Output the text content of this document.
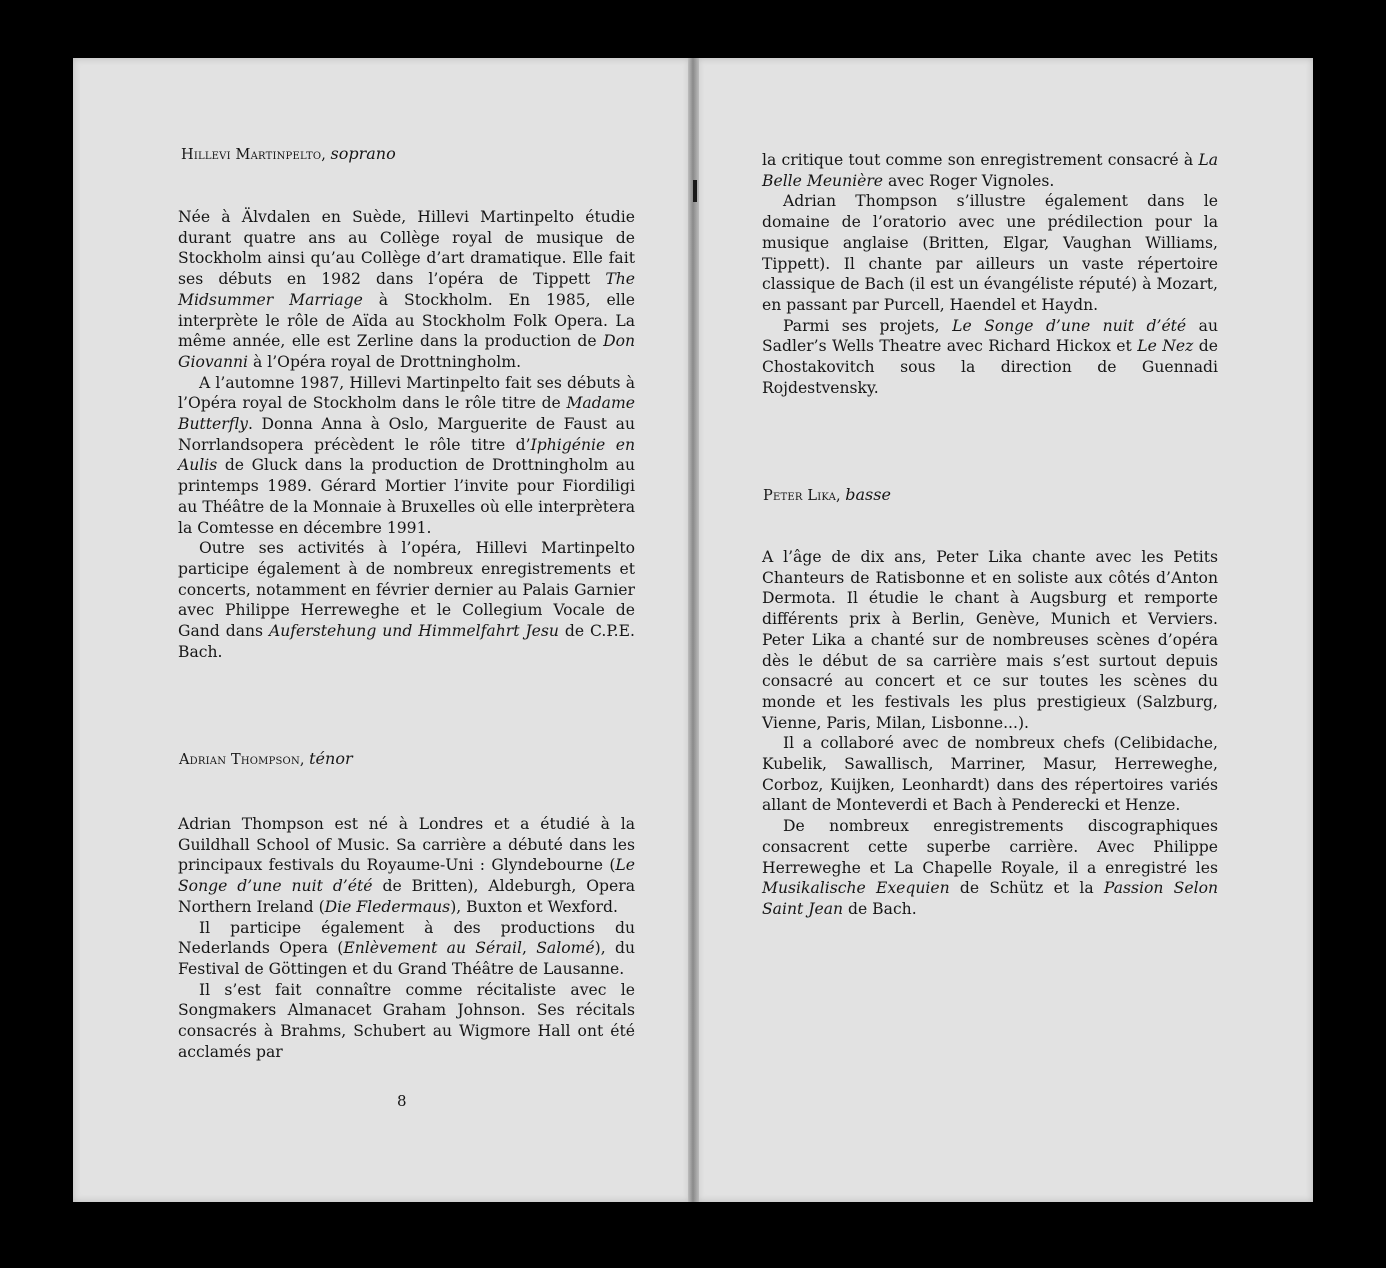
Hillevi Martinpelto, soprano

Née à Älvdalen en Suède, Hillevi Martinpelto étudie durant quatre ans au Collège royal de musique de Stockholm ainsi qu’au Collège d’art dramatique. Elle fait ses débuts en 1982 dans l’opéra de Tippett The Midsummer Marriage à Stockholm. En 1985, elle interprète le rôle de Aïda au Stockholm Folk Opera. La même année, elle est Zerline dans la production de Don Giovanni à l’Opéra royal de Drottningholm.

A l’automne 1987, Hillevi Martinpelto fait ses débuts à l’Opéra royal de Stockholm dans le rôle titre de Madame Butterfly. Donna Anna à Oslo, Marguerite de Faust au Norrlandsopera précèdent le rôle titre d’Iphigénie en Aulis de Gluck dans la production de Drottningholm au printemps 1989. Gérard Mortier l’invite pour Fiordiligi au Théâtre de la Monnaie à Bruxelles où elle interprètera la Comtesse en décembre 1991.

Outre ses activités à l’opéra, Hillevi Martinpelto participe également à de nombreux enregistrements et concerts, notamment en février dernier au Palais Garnier avec Philippe Herreweghe et le Collegium Vocale de Gand dans Auferstehung und Himmelfahrt Jesu de C.P.E. Bach.

Adrian Thompson, ténor

Adrian Thompson est né à Londres et a étudié à la Guildhall School of Music. Sa carrière a débuté dans les principaux festivals du Royaume-Uni : Glyndebourne (Le Songe d’une nuit d’été de Britten), Aldeburgh, Opera Northern Ireland (Die Fledermaus), Buxton et Wexford.

Il participe également à des productions du Nederlands Opera (Enlèvement au Sérail, Salomé), du Festival de Göttingen et du Grand Théâtre de Lausanne.

Il s’est fait connaître comme récitaliste avec le Songmakers Almanacet Graham Johnson. Ses récitals consacrés à Brahms, Schubert au Wigmore Hall ont été acclamés par

8

la critique tout comme son enregistrement consacré à La Belle Meunière avec Roger Vignoles.

Adrian Thompson s’illustre également dans le domaine de l’oratorio avec une prédilection pour la musique anglaise (Britten, Elgar, Vaughan Williams, Tippett). Il chante par ailleurs un vaste répertoire classique de Bach (il est un évangéliste réputé) à Mozart, en passant par Purcell, Haendel et Haydn.

Parmi ses projets, Le Songe d’une nuit d’été au Sadler’s Wells Theatre avec Richard Hickox et Le Nez de Chostakovitch sous la direction de Guennadi Rojdestvensky.

Peter Lika, basse

A l’âge de dix ans, Peter Lika chante avec les Petits Chanteurs de Ratisbonne et en soliste aux côtés d’Anton Dermota. Il étudie le chant à Augsburg et remporte différents prix à Berlin, Genève, Munich et Verviers. Peter Lika a chanté sur de nombreuses scènes d’opéra dès le début de sa carrière mais s’est surtout depuis consacré au concert et ce sur toutes les scènes du monde et les festivals les plus prestigieux (Salzburg, Vienne, Paris, Milan, Lisbonne...).

Il a collaboré avec de nombreux chefs (Celibidache, Kubelik, Sawallisch, Marriner, Masur, Herreweghe, Corboz, Kuijken, Leonhardt) dans des répertoires variés allant de Monteverdi et Bach à Penderecki et Henze.

De nombreux enregistrements discographiques consacrent cette superbe carrière. Avec Philippe Herreweghe et La Chapelle Royale, il a enregistré les Musikalische Exequien de Schütz et la Passion Selon Saint Jean de Bach.
